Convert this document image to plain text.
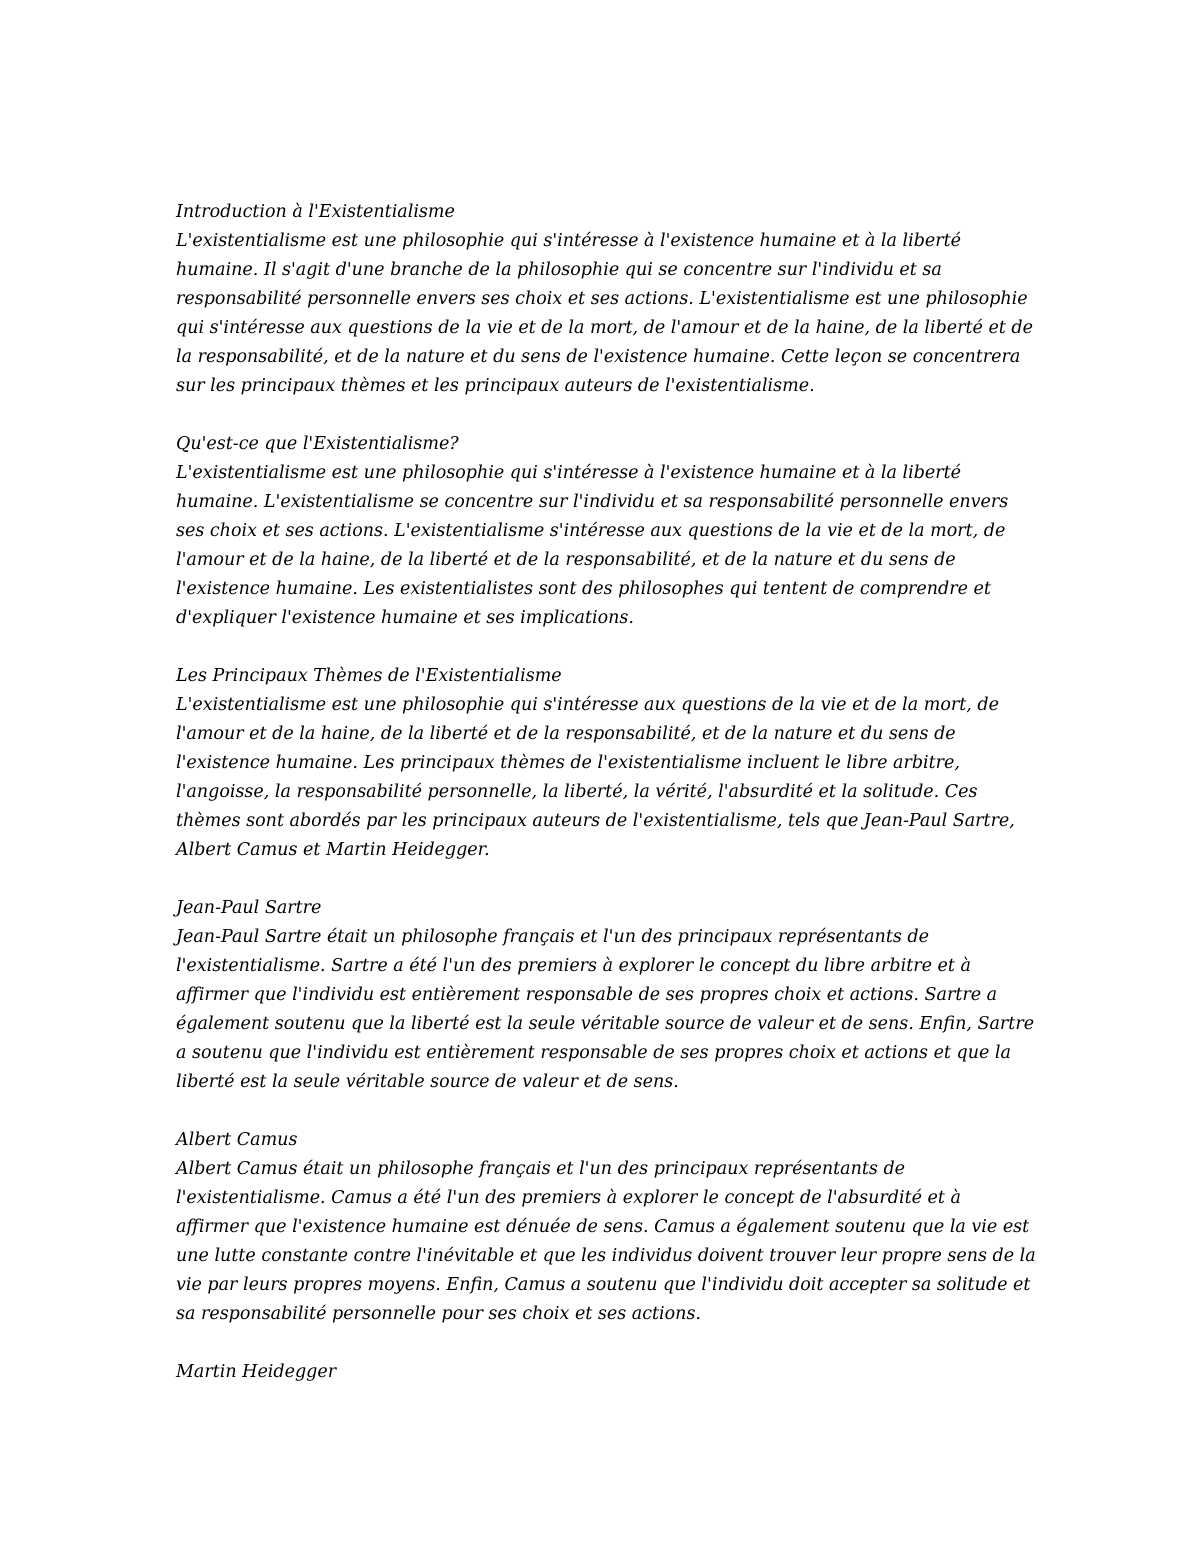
Introduction à l'Existentialisme

L'existentialisme est une philosophie qui s'intéresse à l'existence humaine et à la liberté humaine. Il s'agit d'une branche de la philosophie qui se concentre sur l'individu et sa responsabilité personnelle envers ses choix et ses actions. L'existentialisme est une philosophie qui s'intéresse aux questions de la vie et de la mort, de l'amour et de la haine, de la liberté et de la responsabilité, et de la nature et du sens de l'existence humaine. Cette leçon se concentrera sur les principaux thèmes et les principaux auteurs de l'existentialisme.

Qu'est-ce que l'Existentialisme?

L'existentialisme est une philosophie qui s'intéresse à l'existence humaine et à la liberté humaine. L'existentialisme se concentre sur l'individu et sa responsabilité personnelle envers ses choix et ses actions. L'existentialisme s'intéresse aux questions de la vie et de la mort, de l'amour et de la haine, de la liberté et de la responsabilité, et de la nature et du sens de l'existence humaine. Les existentialistes sont des philosophes qui tentent de comprendre et d'expliquer l'existence humaine et ses implications.

Les Principaux Thèmes de l'Existentialisme

L'existentialisme est une philosophie qui s'intéresse aux questions de la vie et de la mort, de l'amour et de la haine, de la liberté et de la responsabilité, et de la nature et du sens de l'existence humaine. Les principaux thèmes de l'existentialisme incluent le libre arbitre, l'angoisse, la responsabilité personnelle, la liberté, la vérité, l'absurdité et la solitude. Ces thèmes sont abordés par les principaux auteurs de l'existentialisme, tels que Jean-Paul Sartre, Albert Camus et Martin Heidegger.

Jean-Paul Sartre

Jean-Paul Sartre était un philosophe français et l'un des principaux représentants de l'existentialisme. Sartre a été l'un des premiers à explorer le concept du libre arbitre et à affirmer que l'individu est entièrement responsable de ses propres choix et actions. Sartre a également soutenu que la liberté est la seule véritable source de valeur et de sens. Enfin, Sartre a soutenu que l'individu est entièrement responsable de ses propres choix et actions et que la liberté est la seule véritable source de valeur et de sens.

Albert Camus

Albert Camus était un philosophe français et l'un des principaux représentants de l'existentialisme. Camus a été l'un des premiers à explorer le concept de l'absurdité et à affirmer que l'existence humaine est dénuée de sens. Camus a également soutenu que la vie est une lutte constante contre l'inévitable et que les individus doivent trouver leur propre sens de la vie par leurs propres moyens. Enfin, Camus a soutenu que l'individu doit accepter sa solitude et sa responsabilité personnelle pour ses choix et ses actions.

Martin Heidegger
